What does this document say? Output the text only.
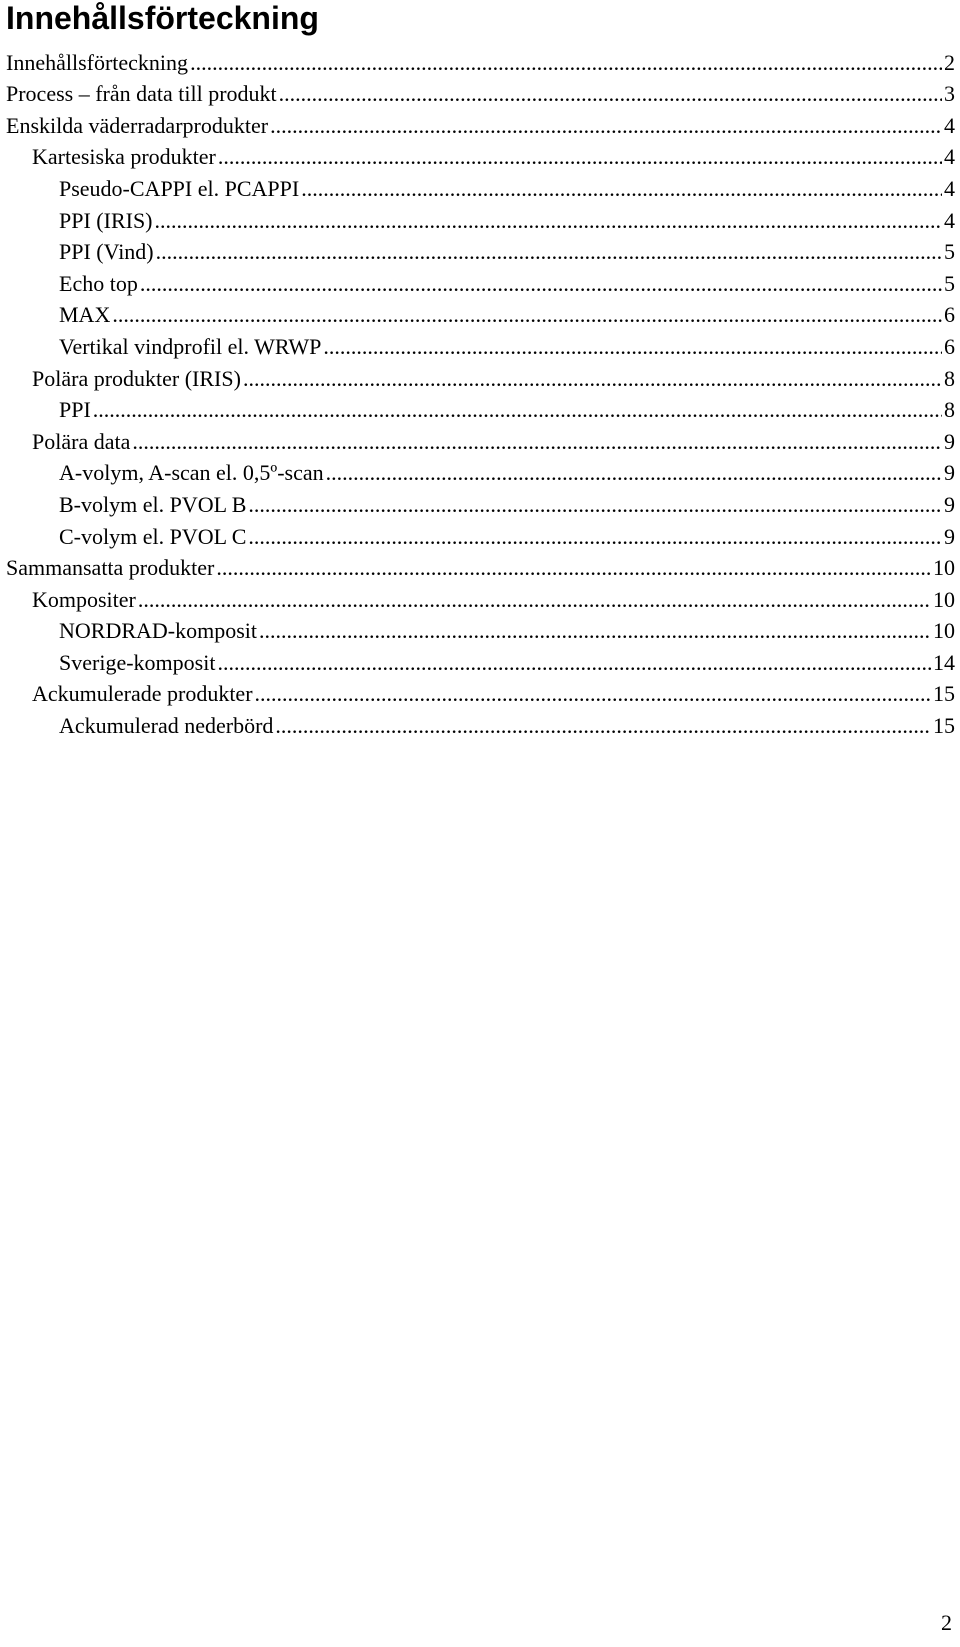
Innehållsförteckning
Innehållsförteckning .....	2
Process – från data till produkt .....	3
Enskilda väderradarprodukter .....	4
Kartesiska produkter .....	4
Pseudo-CAPPI el. PCAPPI .....	4
PPI (IRIS) .....	4
PPI (Vind) .....	5
Echo top .....	5
MAX .....	6
Vertikal vindprofil el. WRWP .....	6
Polära produkter (IRIS) .....	8
PPI .....	8
Polära data .....	9
A-volym, A-scan el. 0,5º-scan .....	9
B-volym el. PVOL B .....	9
C-volym el. PVOL C .....	9
Sammansatta produkter .....	10
Kompositer .....	10
NORDRAD-komposit .....	10
Sverige-komposit .....	14
Ackumulerade produkter .....	15
Ackumulerad nederbörd .....	15
2
